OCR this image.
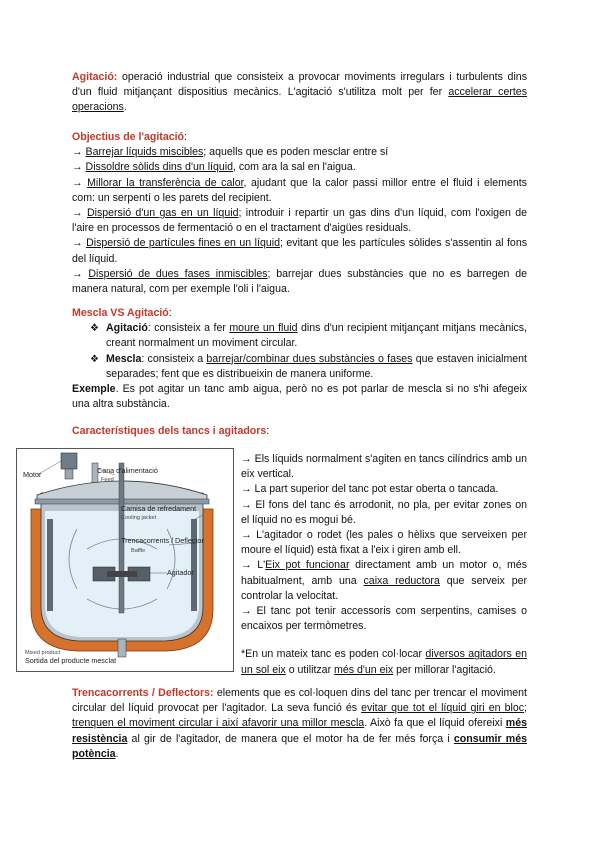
Agitació: operació industrial que consisteix a provocar moviments irregulars i turbulents dins d'un fluid mitjançant dispositius mecànics. L'agitació s'utilitza molt per fer accelerar certes operacions.

Objectius de l'agitació:

→ Barrejar líquids miscibles; aquells que es poden mesclar entre sí

→ Dissoldre sòlids dins d'un líquid, com ara la sal en l'aigua.

→ Millorar la transferència de calor, ajudant que la calor passi millor entre el fluid i elements com: un serpentí o les parets del recipient.

→ Dispersió d'un gas en un líquid; introduir i repartir un gas dins d'un líquid, com l'oxigen de l'aire en processos de fermentació o en el tractament d'aigües residuals.

→ Dispersió de partícules fines en un líquid; evitant que les partícules sòlides s'assentin al fons del líquid.

→ Dispersió de dues fases inmiscibles; barrejar dues substàncies que no es barregen de manera natural, com per exemple l'oli i l'aigua.

Mescla VS Agitació:

❖ Agitació: consisteix a fer moure un fluid dins d'un recipient mitjançant mitjans mecànics, creant normalment un moviment circular.
❖ Mescla: consisteix a barrejar/combinar dues substàncies o fases que estaven inicialment separades; fent que es distribueixin de manera uniforme.

Exemple. Es pot agitar un tanc amb aigua, però no es pot parlar de mescla si no s'hi afegeix una altra substància.

Característiques dels tancs i agitadors:

Motor	Cana d'alimentació
Feed
Camisa de refredament
Cooling jacket
Trencacorrents / Deflector
Baffle
Agitador
Mixed product
Sortida del producte mesclat

→ Els líquids normalment s'agiten en tancs cilíndrics amb un eix vertical.

→ La part superior del tanc pot estar oberta o tancada.

→ El fons del tanc és arrodonit, no pla, per evitar zones on el líquid no es mogui bé.

→ L'agitador o rodet (les pales o hèlixs que serveixen per moure el líquid) està fixat a l'eix i giren amb ell.

→ L'Eix pot funcionar directament amb un motor o, més habitualment, amb una caixa reductora que serveix per controlar la velocitat.

→ El tanc pot tenir accessoris com serpentins, camises o encaixos per termòmetres.

*En un mateix tanc es poden col·locar diversos agitadors en un sol eix o utilitzar més d'un eix per millorar l'agitació.

Trencacorrents / Deflectors: elements que es col·loquen dins del tanc per trencar el moviment circular del líquid provocat per l'agitador. La seva funció és evitar que tot el líquid giri en bloc; trenquen el moviment circular i així afavorir una millor mescla. Això fa que el líquid ofereixi més resistència al gir de l'agitador, de manera que el motor ha de fer més força i consumir més potència.
